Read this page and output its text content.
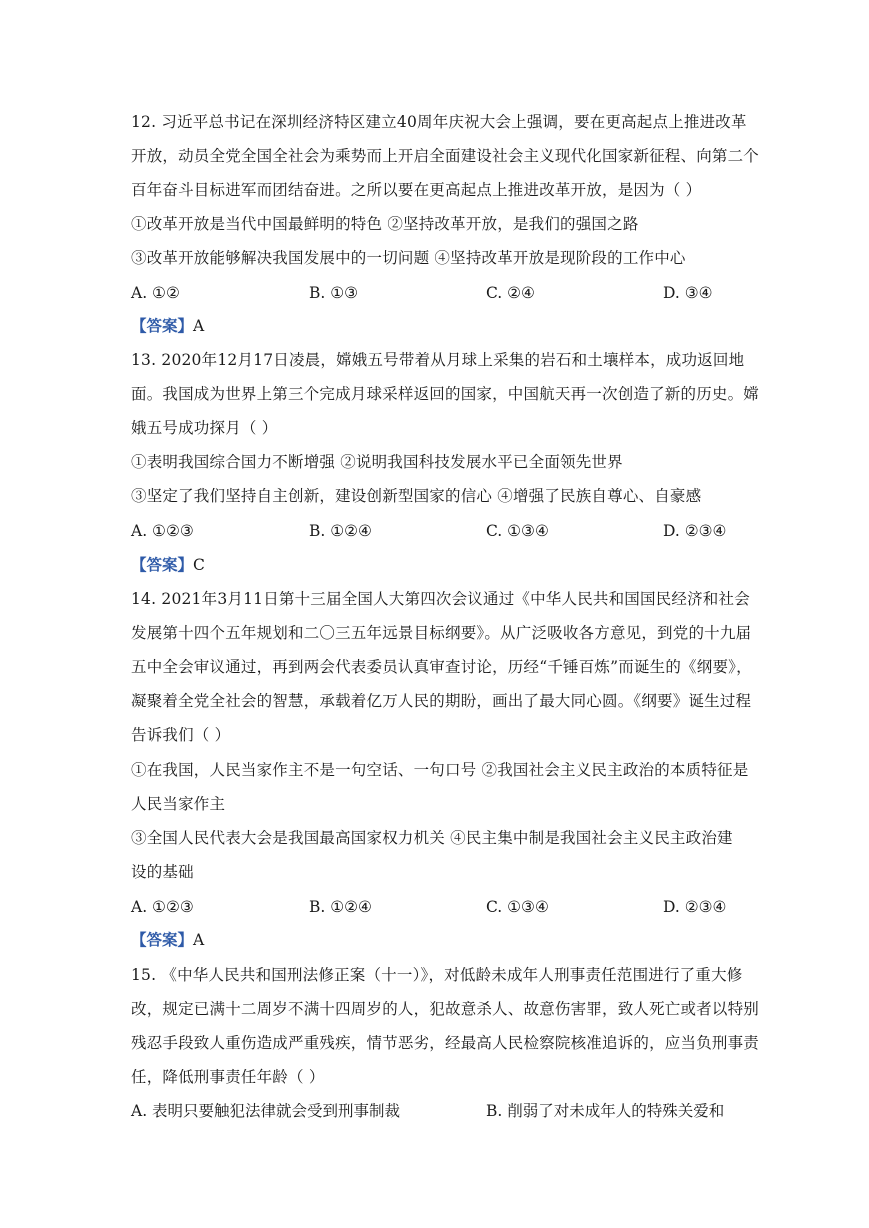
12. 习近平总书记在深圳经济特区建立40周年庆祝大会上强调，要在更高起点上推进改革
开放，动员全党全国全社会为乘势而上开启全面建设社会主义现代化国家新征程、向第二个
百年奋斗目标进军而团结奋进。之所以要在更高起点上推进改革开放，是因为（ ）
①改革开放是当代中国最鲜明的特色 ②坚持改革开放，是我们的强国之路
③改革开放能够解决我国发展中的一切问题 ④坚持改革开放是现阶段的工作中心
A. ①②	B. ①③	C. ②④	D. ③④
【答案】A
13. 2020年12月17日凌晨，嫦娥五号带着从月球上采集的岩石和土壤样本，成功返回地
面。我国成为世界上第三个完成月球采样返回的国家，中国航天再一次创造了新的历史。嫦
娥五号成功探月（ ）
①表明我国综合国力不断增强 ②说明我国科技发展水平已全面领先世界
③坚定了我们坚持自主创新，建设创新型国家的信心 ④增强了民族自尊心、自豪感
A. ①②③	B. ①②④	C. ①③④	D. ②③④
【答案】C
14. 2021年3月11日第十三届全国人大第四次会议通过《中华人民共和国国民经济和社会
发展第十四个五年规划和二〇三五年远景目标纲要》。从广泛吸收各方意见，到党的十九届
五中全会审议通过，再到两会代表委员认真审查讨论，历经“千锤百炼”而诞生的《纲要》，
凝聚着全党全社会的智慧，承载着亿万人民的期盼，画出了最大同心圆。《纲要》诞生过程
告诉我们（ ）
①在我国，人民当家作主不是一句空话、一句口号 ②我国社会主义民主政治的本质特征是
人民当家作主
③全国人民代表大会是我国最高国家权力机关 ④民主集中制是我国社会主义民主政治建
设的基础
A. ①②③	B. ①②④	C. ①③④	D. ②③④
【答案】A
15. 《中华人民共和国刑法修正案（十一）》，对低龄未成年人刑事责任范围进行了重大修
改，规定已满十二周岁不满十四周岁的人，犯故意杀人、故意伤害罪，致人死亡或者以特别
残忍手段致人重伤造成严重残疾，情节恶劣，经最高人民检察院核准追诉的，应当负刑事责
任，降低刑事责任年龄（ ）
A. 表明只要触犯法律就会受到刑事制裁	B. 削弱了对未成年人的特殊关爱和
